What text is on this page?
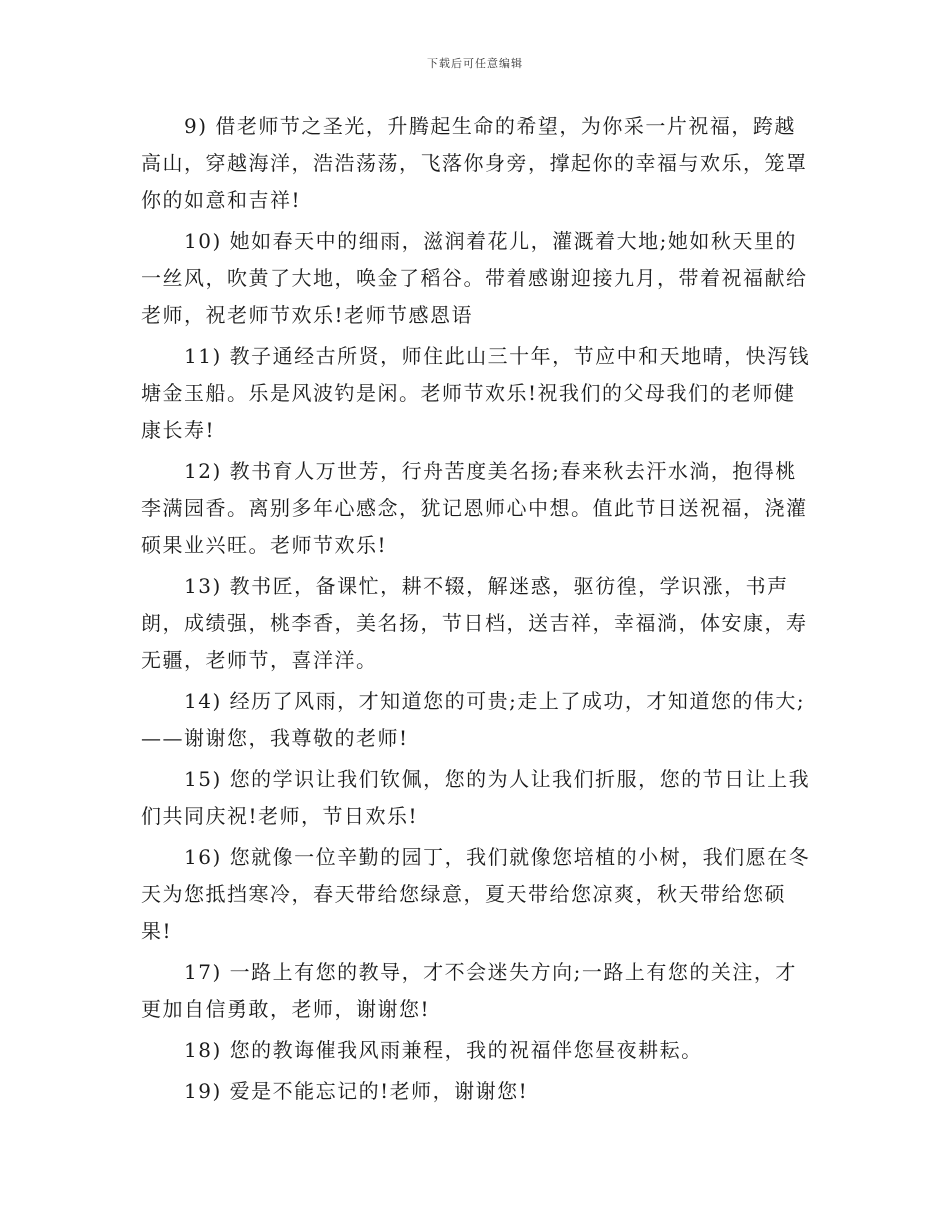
下载后可任意编辑

9) 借老师节之圣光，升腾起生命的希望，为你采一片祝福，跨越高山，穿越海洋，浩浩荡荡，飞落你身旁，撑起你的幸福与欢乐，笼罩你的如意和吉祥!

10) 她如春天中的细雨，滋润着花儿，灌溉着大地;她如秋天里的一丝风，吹黄了大地，唤金了稻谷。带着感谢迎接九月，带着祝福献给老师，祝老师节欢乐!老师节感恩语

11) 教子通经古所贤，师住此山三十年，节应中和天地晴，快泻钱塘金玉船。乐是风波钓是闲。老师节欢乐!祝我们的父母我们的老师健康长寿!

12) 教书育人万世芳，行舟苦度美名扬;春来秋去汗水淌，抱得桃李满园香。离别多年心感念，犹记恩师心中想。值此节日送祝福，浇灌硕果业兴旺。老师节欢乐!

13) 教书匠，备课忙，耕不辍，解迷惑，驱彷徨，学识涨，书声朗，成绩强，桃李香，美名扬，节日档，送吉祥，幸福淌，体安康，寿无疆，老师节，喜洋洋。

14) 经历了风雨，才知道您的可贵;走上了成功，才知道您的伟大;——谢谢您，我尊敬的老师!

15) 您的学识让我们钦佩，您的为人让我们折服，您的节日让上我们共同庆祝!老师，节日欢乐!

16) 您就像一位辛勤的园丁，我们就像您培植的小树，我们愿在冬天为您抵挡寒冷，春天带给您绿意，夏天带给您凉爽，秋天带给您硕果!

17) 一路上有您的教导，才不会迷失方向;一路上有您的关注，才更加自信勇敢，老师，谢谢您!

18) 您的教诲催我风雨兼程，我的祝福伴您昼夜耕耘。

19) 爱是不能忘记的!老师，谢谢您!
